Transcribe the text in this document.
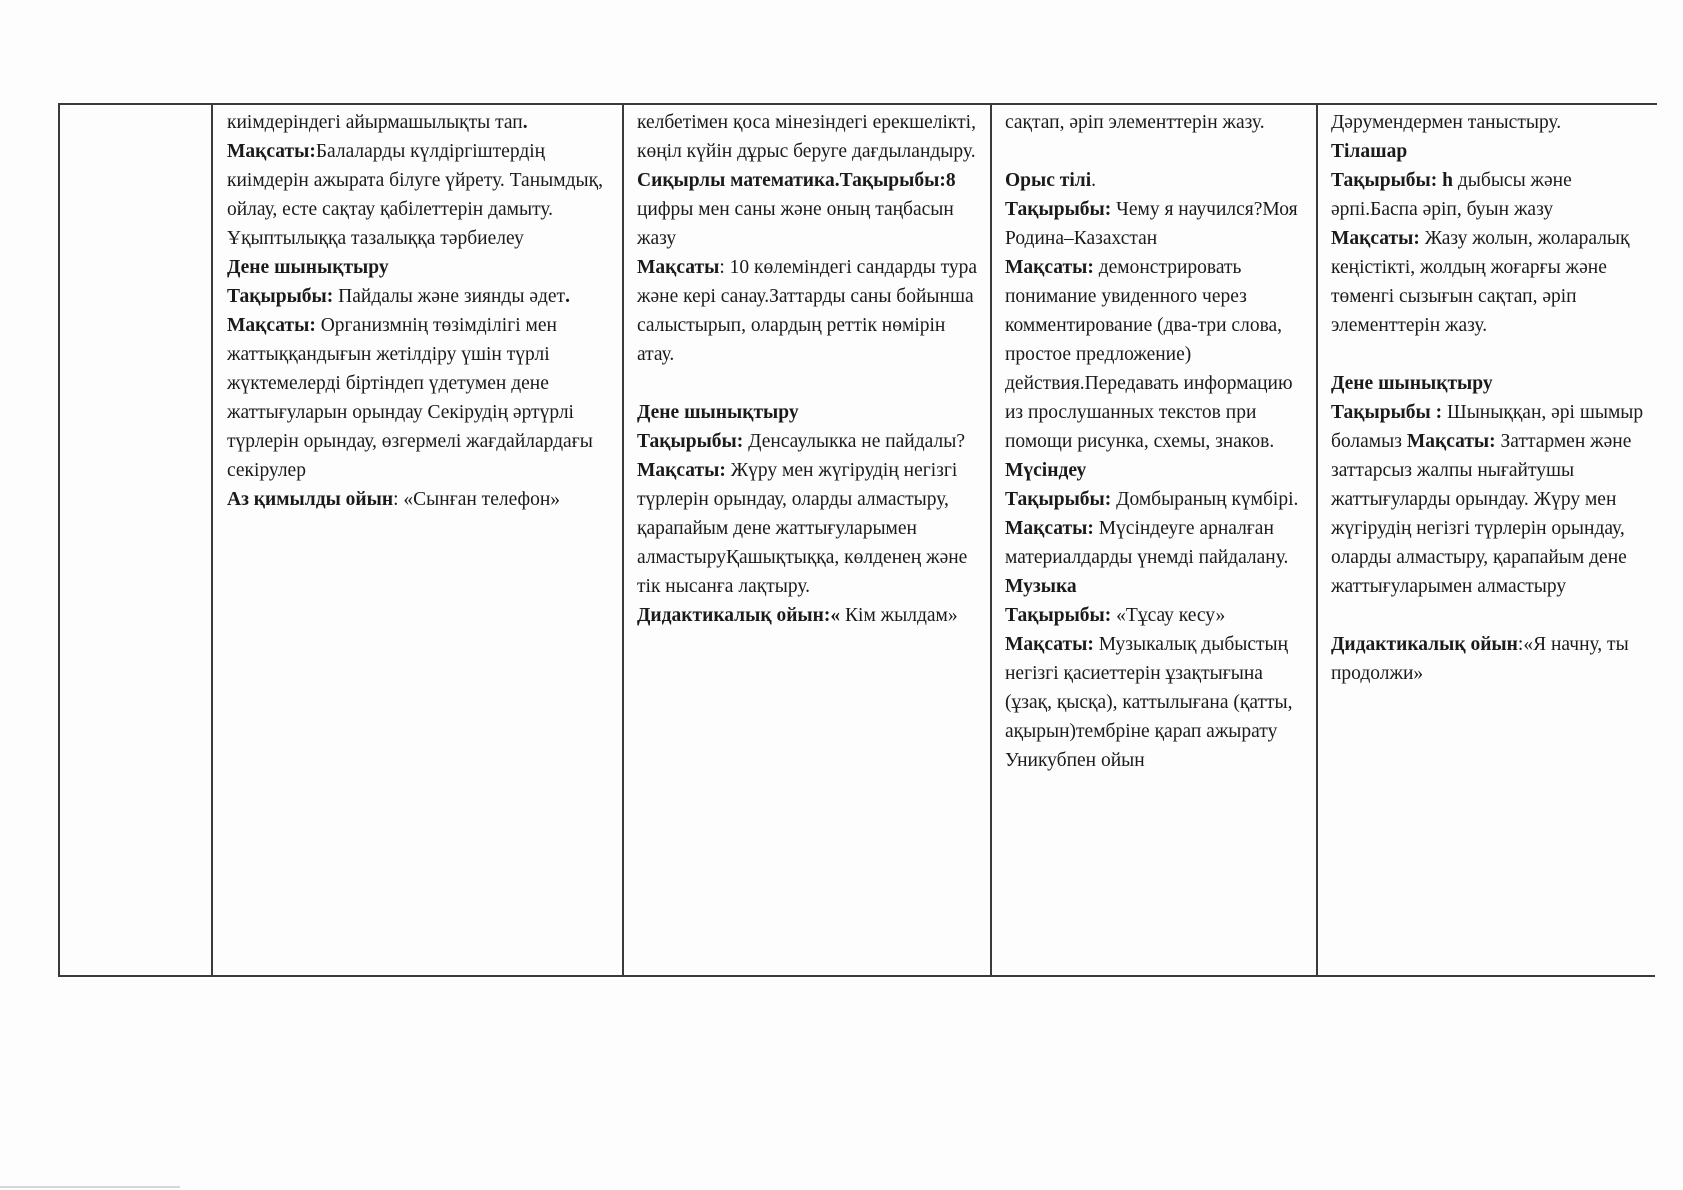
киімдеріндегі айырмашылықты тап.

Мақсаты:Балаларды күлдіргіштердің киімдерін ажырата білуге үйрету. Танымдық, ойлау, есте сақтау қабілеттерін дамыту. Ұқыптылыққа тазалыққа тәрбиелеу

Дене шынықтыру

Тақырыбы: Пайдалы және зиянды әдет.

Мақсаты: Организмнің төзімділігі мен жаттыққандығын жетілдіру үшін түрлі жүктемелерді біртіндеп үдетумен дене жаттығуларын орындау Секірудің әртүрлі түрлерін орындау, өзгермелі жағдайлардағы секірулер

Аз қимылды ойын: «Сынған телефон»

келбетімен қоса мінезіндегі ерекшелікті, көңіл күйін дұрыс беруге дағдыландыру.

Сиқырлы математика.Тақырыбы:8 цифры мен саны және оның таңбасын жазу

Мақсаты: 10 көлеміндегі сандарды тура және кері санау.Заттарды саны бойынша салыстырып, олардың реттік нөмірін атау.

Дене шынықтыру

Тақырыбы: Денсаулыкка не пайдалы?

Мақсаты: Жүру мен жүгірудің негізгі түрлерін орындау, оларды алмастыру, қарапайым дене жаттығуларымен алмастыруҚашықтыққа, көлденең және тік нысанға лақтыру.

Дидактикалық ойын:« Кім жылдам»

сақтап, әріп элементтерін жазу.

Орыс тілі.

Тақырыбы: Чему я научился?Моя Родина–Казахстан

Мақсаты: демонстрировать понимание увиденного через комментирование (два-три слова, простое предложение) действия.Передавать информацию из прослушанных текстов при помощи рисунка, схемы, знаков.

Мүсіндеу

Тақырыбы: Домбыраның күмбірі.

Мақсаты: Мүсіндеуге арналған материалдарды үнемді пайдалану.

Музыка

Тақырыбы: «Тұсау кесу»

Мақсаты: Музыкалық дыбыстың негізгі қасиеттерін ұзақтығына (ұзақ, қысқа), каттылығана (қатты, ақырын)тембріне қарап ажырату

Уникубпен ойын

Дәрумендермен таныстыру.

Тілашар

Тақырыбы: һ дыбысы және әрпі.Баспа әріп, буын жазу

Мақсаты: Жазу жолын, жоларалық кеңістікті, жолдың жоғарғы және төменгі сызығын сақтап, әріп элементтерін жазу.

Дене шынықтыру

Тақырыбы : Шыныққан, әрі шымыр боламыз Мақсаты: Заттармен және заттарсыз жалпы нығайтушы жаттығуларды орындау. Жүру мен жүгірудің негізгі түрлерін орындау, оларды алмастыру, қарапайым дене жаттығуларымен алмастыру

Дидактикалық ойын:«Я начну, ты продолжи»
